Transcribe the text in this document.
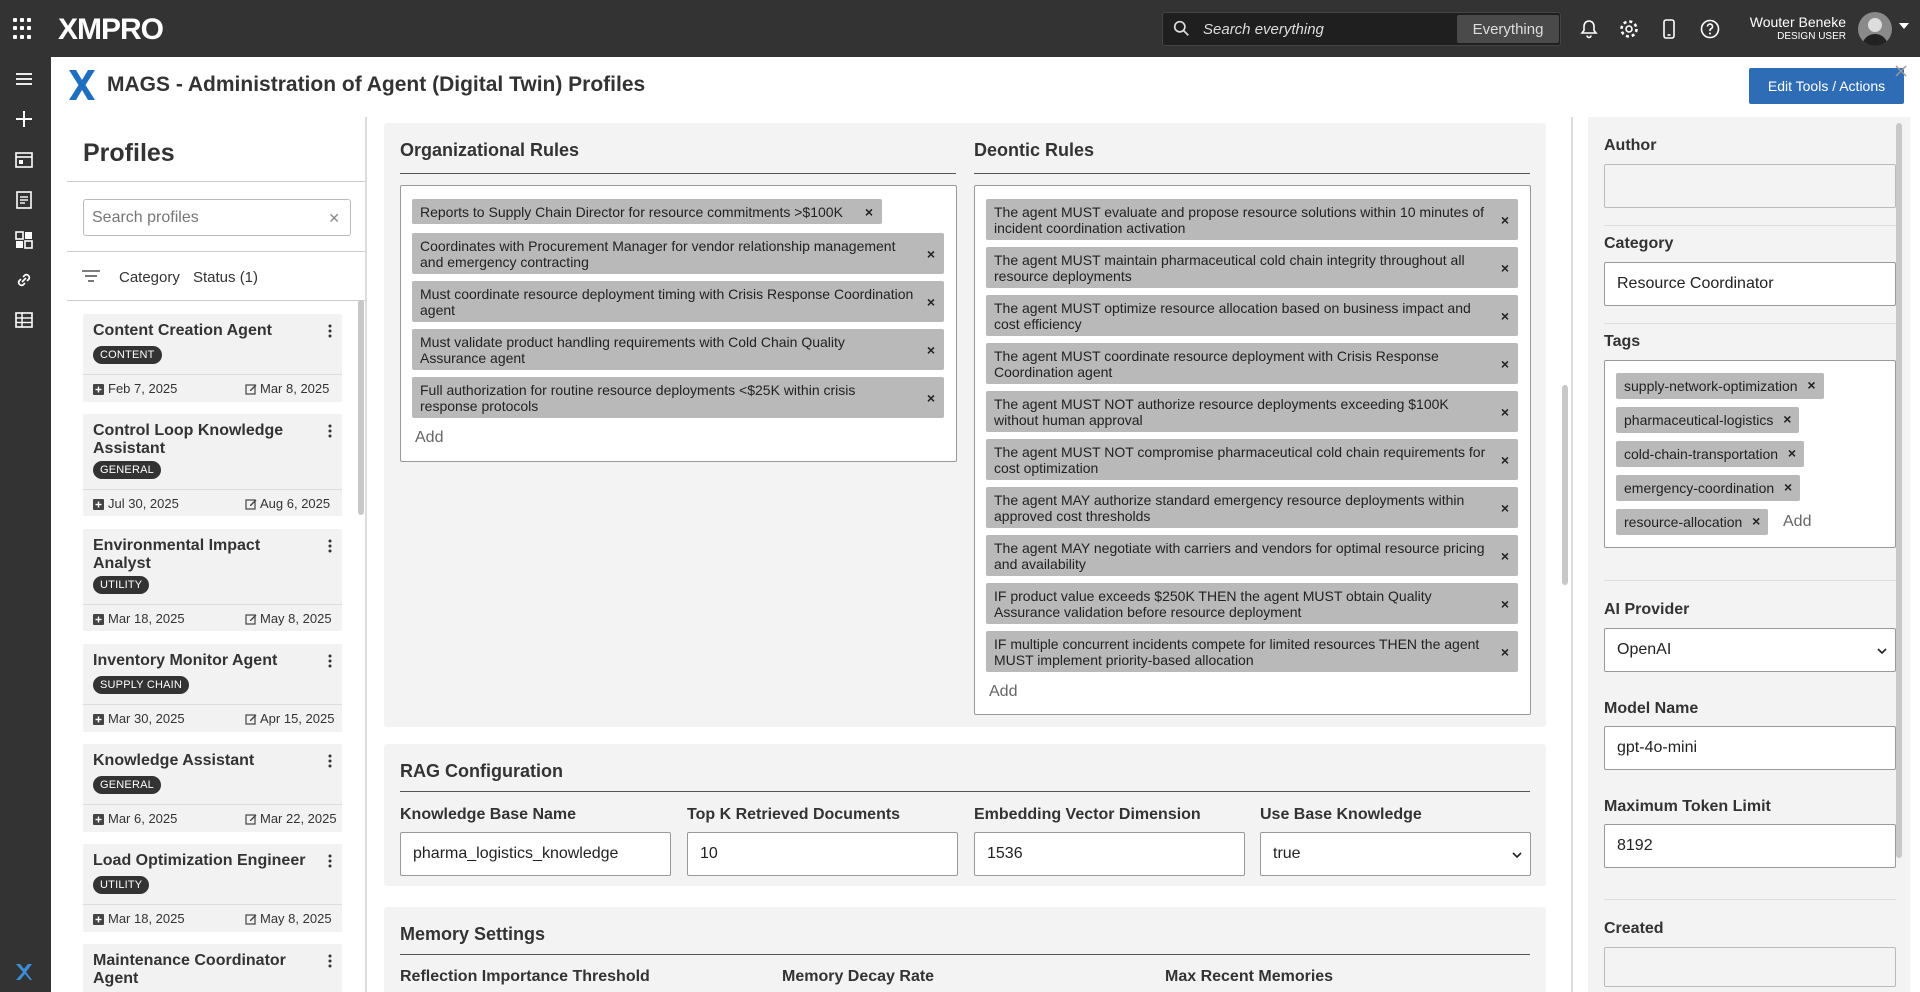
XMPRO
Search everything	Everything	Wouter Beneke
DESIGN USER
MAGS - Administration of Agent (Digital Twin) Profiles	Edit Tools / Actions
Profiles
Search profiles
✕
Category Status (1)
Content Creation Agent
CONTENT
Feb 7, 2025	Mar 8, 2025
Control Loop Knowledge Assistant
GENERAL
Jul 30, 2025	Aug 6, 2025
Environmental Impact Analyst
UTILITY
Mar 18, 2025	May 8, 2025
Inventory Monitor Agent
SUPPLY CHAIN
Mar 30, 2025	Apr 15, 2025
Knowledge Assistant
GENERAL
Mar 6, 2025	Mar 22, 2025
Load Optimization Engineer
UTILITY
Mar 18, 2025	May 8, 2025
Maintenance Coordinator Agent
Organizational Rules	Deontic Rules
Reports to Supply Chain Director for resource commitments >$100K ×
Coordinates with Procurement Manager for vendor relationship management and emergency contracting
×
Must coordinate resource deployment timing with Crisis Response Coordination agent
×
Must validate product handling requirements with Cold Chain Quality Assurance agent
×
Full authorization for routine resource deployments <$25K within crisis response protocols
×
Add
The agent MUST evaluate and propose resource solutions within 10 minutes of incident coordination activation
×
The agent MUST maintain pharmaceutical cold chain integrity throughout all resource deployments
×
The agent MUST optimize resource allocation based on business impact and cost efficiency
×
The agent MUST coordinate resource deployment with Crisis Response Coordination agent
×
The agent MUST NOT authorize resource deployments exceeding $100K without human approval
×
The agent MUST NOT compromise pharmaceutical cold chain requirements for cost optimization
×
The agent MAY authorize standard emergency resource deployments within approved cost thresholds
×
The agent MAY negotiate with carriers and vendors for optimal resource pricing and availability
×
IF product value exceeds $250K THEN the agent MUST obtain Quality Assurance validation before resource deployment
×
IF multiple concurrent incidents compete for limited resources THEN the agent MUST implement priority-based allocation
×
Add
RAG Configuration
Knowledge Base Name
pharma_logistics_knowledge
Top K Retrieved Documents
10
Embedding Vector Dimension
1536
Use Base Knowledge
true
Memory Settings
Reflection Importance Threshold	Memory Decay Rate	Max Recent Memories
Author
Category
Resource Coordinator
Tags
supply-network-optimization ×
pharmaceutical-logistics ×
cold-chain-transportation ×
emergency-coordination ×
resource-allocation × Add
AI Provider
OpenAI
Model Name
gpt-4o-mini
Maximum Token Limit
8192
Created
